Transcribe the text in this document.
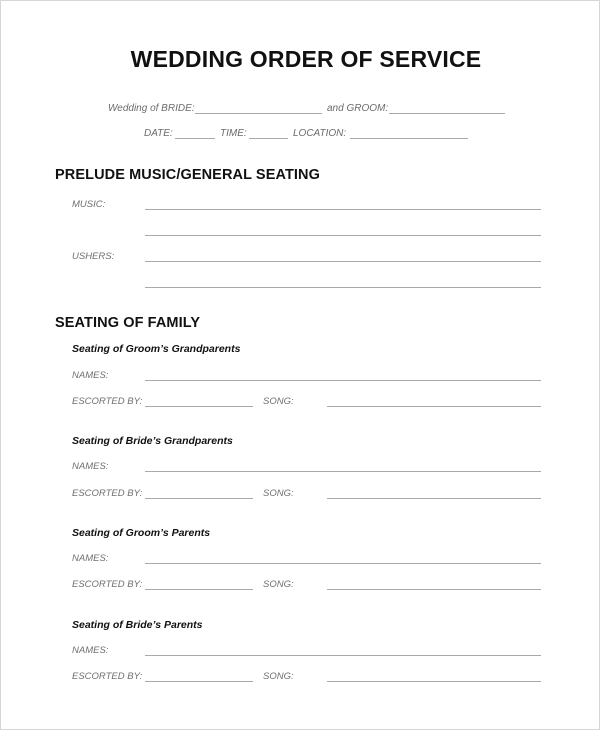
WEDDING ORDER OF SERVICE
Wedding of BRIDE:	and GROOM:
DATE:	TIME:	LOCATION:
PRELUDE MUSIC/GENERAL SEATING
MUSIC:
USHERS:
SEATING OF FAMILY
Seating of Groom’s Grandparents
NAMES:
ESCORTED BY:	SONG:
Seating of Bride’s Grandparents
NAMES:
ESCORTED BY:	SONG:
Seating of Groom’s Parents
NAMES:
ESCORTED BY:	SONG:
Seating of Bride’s Parents
NAMES:
ESCORTED BY:	SONG:
